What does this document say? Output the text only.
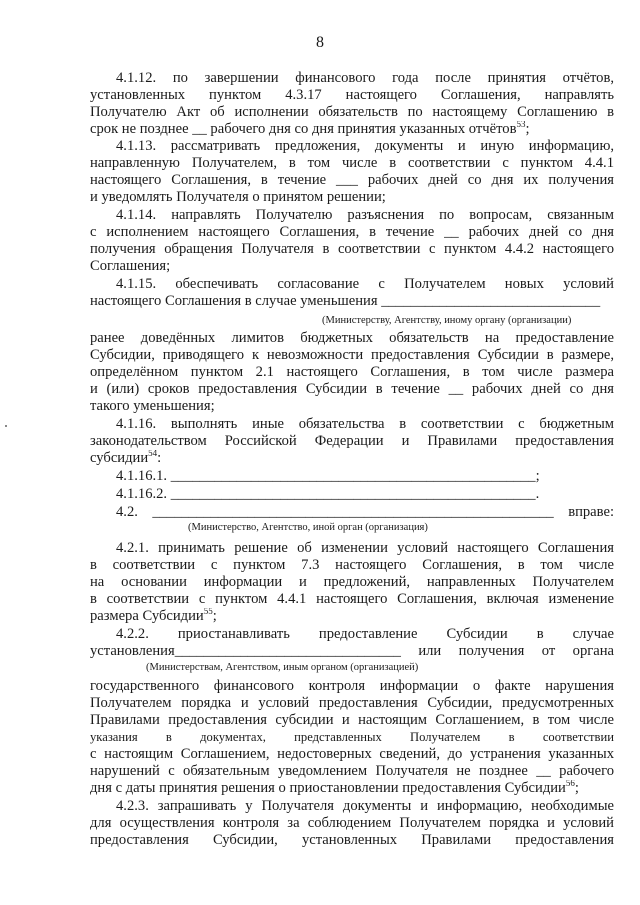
8
4.1.12. по завершении финансового года после принятия отчётов,
установленных пунктом 4.3.17 настоящего Соглашения, направлять
Получателю Акт об исполнении обязательств по настоящему Соглашению в
срок не позднее __ рабочего дня со дня принятия указанных отчётов$^{53}$;
4.1.13. рассматривать предложения, документы и иную информацию,
направленную Получателем, в том числе в соответствии с пунктом 4.4.1
настоящего Соглашения, в течение ___ рабочих дней со дня их получения
и уведомлять Получателя о принятом решении;
4.1.14. направлять Получателю разъяснения по вопросам, связанным
с исполнением настоящего Соглашения, в течение __ рабочих дней со дня
получения обращения Получателя в соответствии с пунктом 4.4.2 настоящего
Соглашения;
4.1.15. обеспечивать согласование с Получателем новых условий
настоящего Соглашения в случае уменьшения ______________________________
(Министерству, Агентству, иному органу (организации)
ранее доведённых лимитов бюджетных обязательств на предоставление
Субсидии, приводящего к невозможности предоставления Субсидии в размере,
определённом пунктом 2.1 настоящего Соглашения, в том числе размера
и (или) сроков предоставления Субсидии в течение __ рабочих дней со дня
такого уменьшения;
4.1.16. выполнять иные обязательства в соответствии с бюджетным
законодательством Российской Федерации и Правилами предоставления
субсидии$^{54}$:
4.1.16.1. __________________________________________________;
4.1.16.2. __________________________________________________.
4.2. _______________________________________________________ вправе:
(Министерство, Агентство, иной орган (организация)
4.2.1. принимать решение об изменении условий настоящего Соглашения
в соответствии с пунктом 7.3 настоящего Соглашения, в том числе
на основании информации и предложений, направленных Получателем
в соответствии с пунктом 4.4.1 настоящего Соглашения, включая изменение
размера Субсидии$^{55}$;
4.2.2. приостанавливать предоставление Субсидии в случае
установления_______________________________ или получения от органа
(Министерствам, Агентством, иным органом (организацией)
государственного финансового контроля информации о факте нарушения
Получателем порядка и условий предоставления Субсидии, предусмотренных
Правилами предоставления субсидии и настоящим Соглашением, в том числе
указания в документах, представленных Получателем в соответствии
с настоящим Соглашением, недостоверных сведений, до устранения указанных
нарушений с обязательным уведомлением Получателя не позднее __ рабочего
дня с даты принятия решения о приостановлении предоставления Субсидии$^{56}$;
4.2.3. запрашивать у Получателя документы и информацию, необходимые
для осуществления контроля за соблюдением Получателем порядка и условий
предоставления Субсидии, установленных Правилами предоставления
